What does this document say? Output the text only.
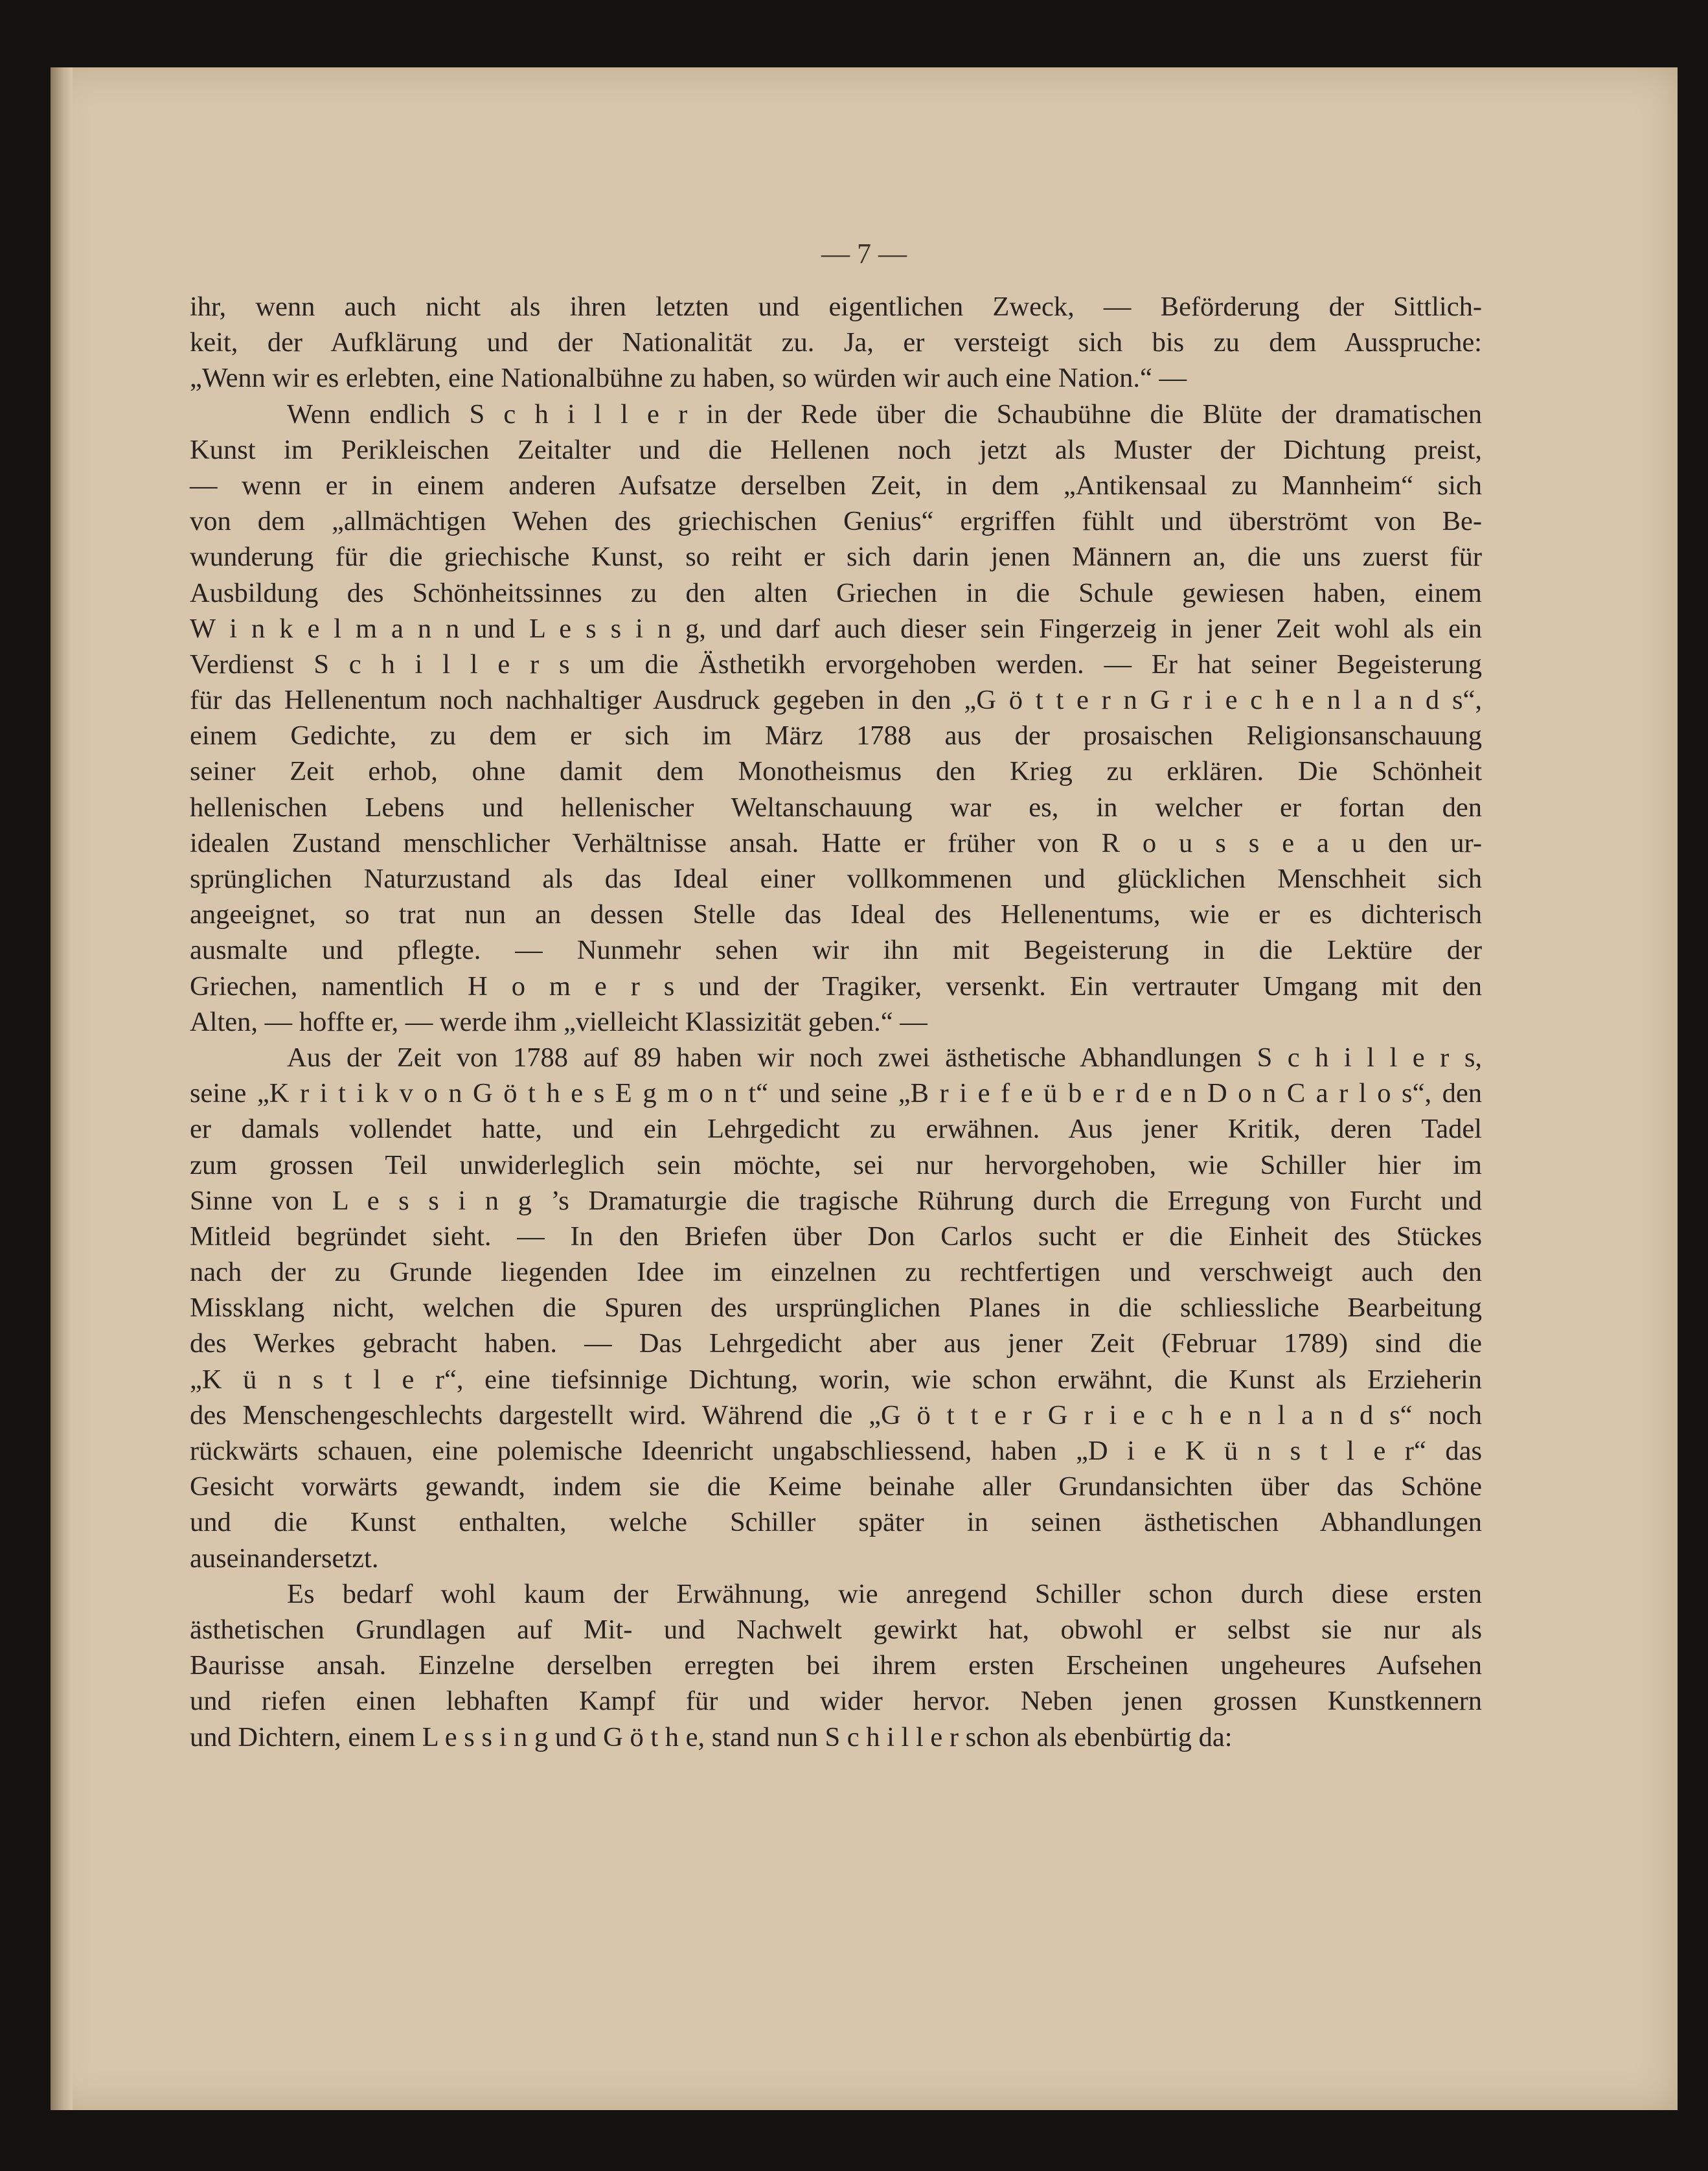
— 7 —
ihr, wenn auch nicht als ihren letzten und eigentlichen Zweck, — Beförderung der Sittlich-
keit, der Aufklärung und der Nationalität zu. Ja, er versteigt sich bis zu dem Ausspruche:
„Wenn wir es erlebten, eine Nationalbühne zu haben, so würden wir auch eine Nation.“ —
Wenn endlich S c h i l l e r in der Rede über die Schaubühne die Blüte der dramatischen
Kunst im Perikleischen Zeitalter und die Hellenen noch jetzt als Muster der Dichtung preist,
— wenn er in einem anderen Aufsatze derselben Zeit, in dem „Antikensaal zu Mannheim“ sich
von dem „allmächtigen Wehen des griechischen Genius“ ergriffen fühlt und überströmt von Be-
wunderung für die griechische Kunst, so reiht er sich darin jenen Männern an, die uns zuerst für
Ausbildung des Schönheitssinnes zu den alten Griechen in die Schule gewiesen haben, einem
W i n k e l m a n n und L e s s i n g, und darf auch dieser sein Fingerzeig in jener Zeit wohl als ein
Verdienst S c h i l l e r s um die Ästhetikh ervorgehoben werden. — Er hat seiner Begeisterung
für das Hellenentum noch nachhaltiger Ausdruck gegeben in den „G ö t t e r n G r i e c h e n l a n d s“,
einem Gedichte, zu dem er sich im März 1788 aus der prosaischen Religionsanschauung
seiner Zeit erhob, ohne damit dem Monotheismus den Krieg zu erklären. Die Schönheit
hellenischen Lebens und hellenischer Weltanschauung war es, in welcher er fortan den
idealen Zustand menschlicher Verhältnisse ansah. Hatte er früher von R o u s s e a u den ur-
sprünglichen Naturzustand als das Ideal einer vollkommenen und glücklichen Menschheit sich
angeeignet, so trat nun an dessen Stelle das Ideal des Hellenentums, wie er es dichterisch
ausmalte und pflegte. — Nunmehr sehen wir ihn mit Begeisterung in die Lektüre der
Griechen, namentlich H o m e r s und der Tragiker, versenkt. Ein vertrauter Umgang mit den
Alten, — hoffte er, — werde ihm „vielleicht Klassizität geben.“ —
Aus der Zeit von 1788 auf 89 haben wir noch zwei ästhetische Abhandlungen S c h i l l e r s,
seine „K r i t i k v o n G ö t h e s E g m o n t“ und seine „B r i e f e ü b e r d e n D o n C a r l o s“, den
er damals vollendet hatte, und ein Lehrgedicht zu erwähnen. Aus jener Kritik, deren Tadel
zum grossen Teil unwiderleglich sein möchte, sei nur hervorgehoben, wie Schiller hier im
Sinne von L e s s i n g ’s Dramaturgie die tragische Rührung durch die Erregung von Furcht und
Mitleid begründet sieht. — In den Briefen über Don Carlos sucht er die Einheit des Stückes
nach der zu Grunde liegenden Idee im einzelnen zu rechtfertigen und verschweigt auch den
Missklang nicht, welchen die Spuren des ursprünglichen Planes in die schliessliche Bearbeitung
des Werkes gebracht haben. — Das Lehrgedicht aber aus jener Zeit (Februar 1789) sind die
„K ü n s t l e r“, eine tiefsinnige Dichtung, worin, wie schon erwähnt, die Kunst als Erzieherin
des Menschengeschlechts dargestellt wird. Während die „G ö t t e r G r i e c h e n l a n d s“ noch
rückwärts schauen, eine polemische Ideenricht ungabschliessend, haben „D i e K ü n s t l e r“ das
Gesicht vorwärts gewandt, indem sie die Keime beinahe aller Grundansichten über das Schöne
und die Kunst enthalten, welche Schiller später in seinen ästhetischen Abhandlungen
auseinandersetzt.
Es bedarf wohl kaum der Erwähnung, wie anregend Schiller schon durch diese ersten
ästhetischen Grundlagen auf Mit- und Nachwelt gewirkt hat, obwohl er selbst sie nur als
Baurisse ansah. Einzelne derselben erregten bei ihrem ersten Erscheinen ungeheures Aufsehen
und riefen einen lebhaften Kampf für und wider hervor. Neben jenen grossen Kunstkennern
und Dichtern, einem L e s s i n g und G ö t h e, stand nun S c h i l l e r schon als ebenbürtig da:
